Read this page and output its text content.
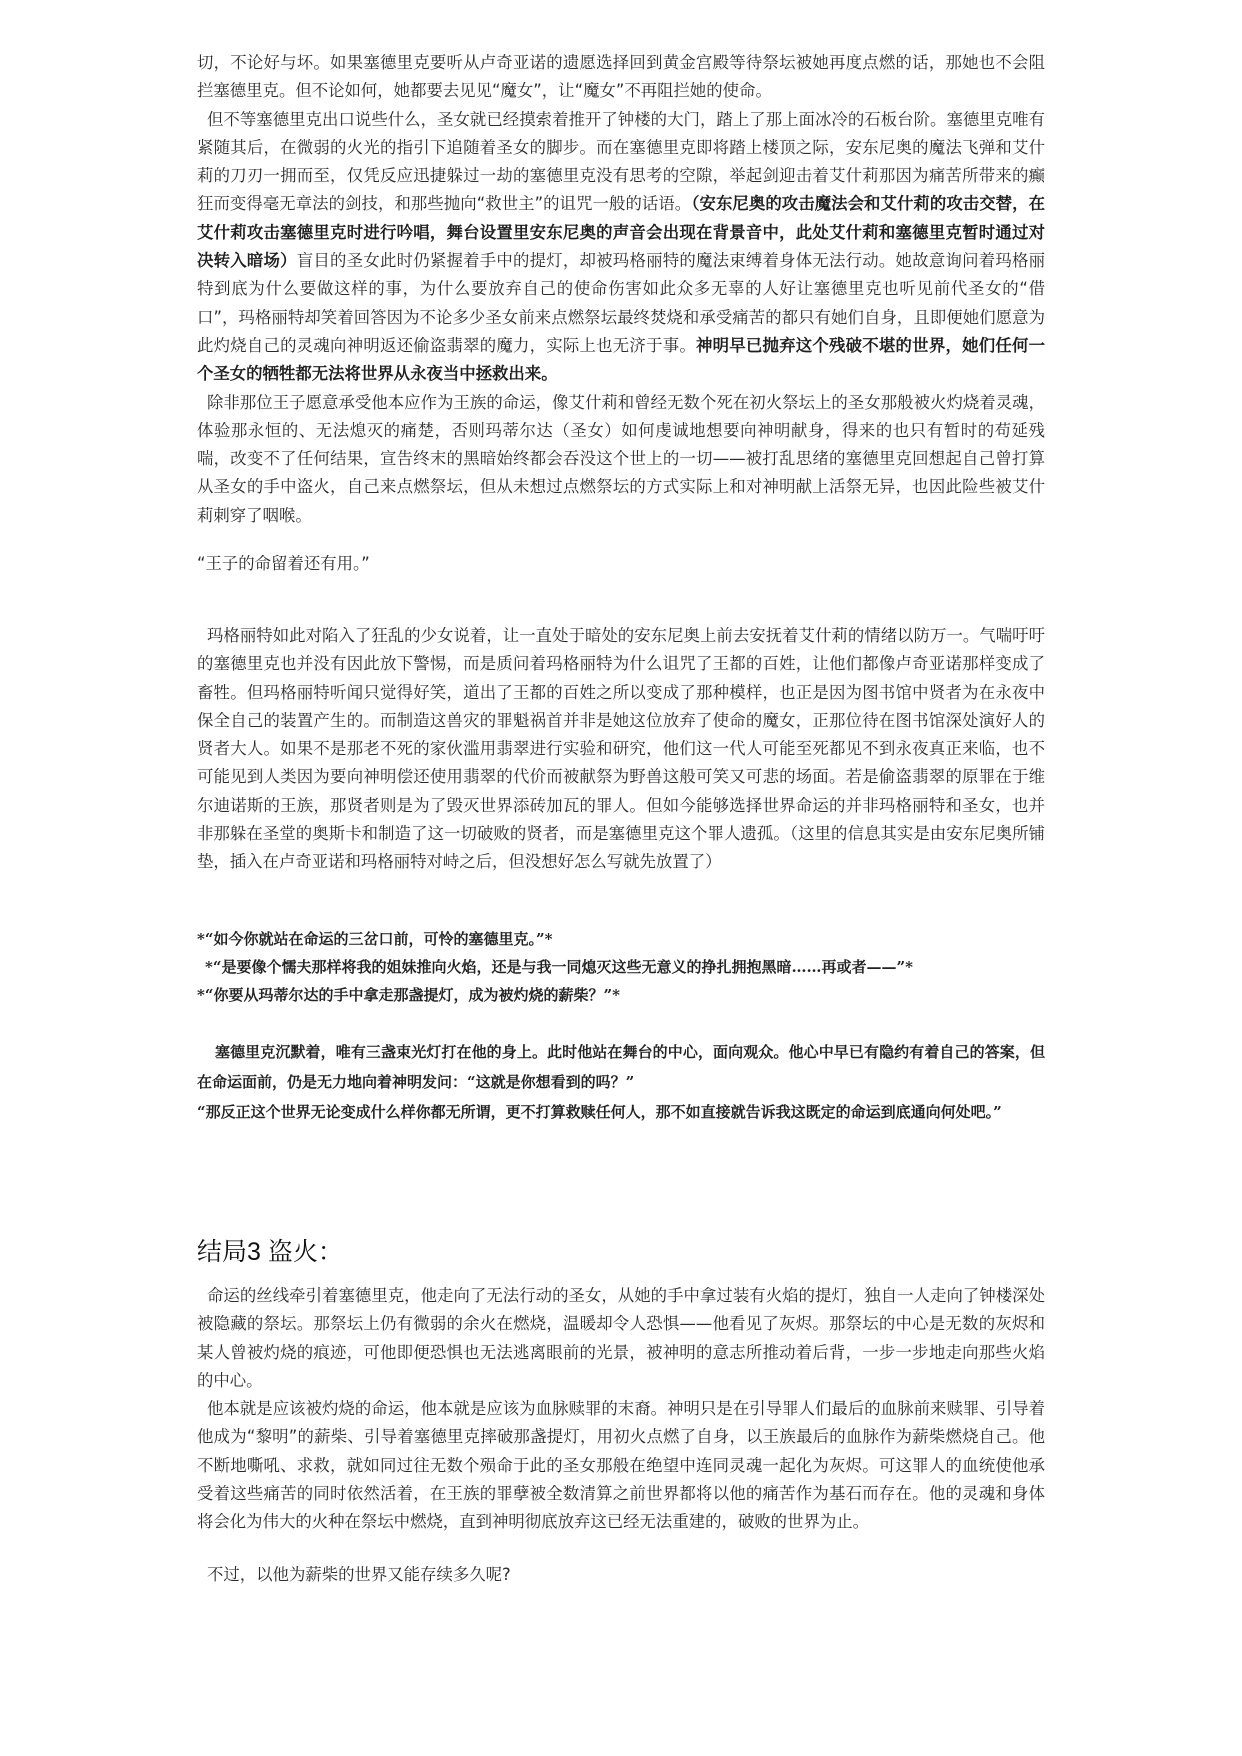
切，不论好与坏。如果塞德里克要听从卢奇亚诺的遗愿选择回到黄金宫殿等待祭坛被她再度点燃的话，那她也不会阻拦塞德里克。但不论如何，她都要去见见“魔女”，让“魔女”不再阻拦她的使命。

但不等塞德里克出口说些什么，圣女就已经摸索着推开了钟楼的大门，踏上了那上面冰冷的石板台阶。塞德里克唯有紧随其后，在微弱的火光的指引下追随着圣女的脚步。而在塞德里克即将踏上楼顶之际，安东尼奥的魔法飞弹和艾什莉的刀刃一拥而至，仅凭反应迅捷躲过一劫的塞德里克没有思考的空隙，举起剑迎击着艾什莉那因为痛苦所带来的癫狂而变得毫无章法的剑技，和那些抛向“救世主”的诅咒一般的话语。（安东尼奥的攻击魔法会和艾什莉的攻击交替，在艾什莉攻击塞德里克时进行吟唱，舞台设置里安东尼奥的声音会出现在背景音中，此处艾什莉和塞德里克暂时通过对决转入暗场）盲目的圣女此时仍紧握着手中的提灯，却被玛格丽特的魔法束缚着身体无法行动。她故意询问着玛格丽特到底为什么要做这样的事，为什么要放弃自己的使命伤害如此众多无辜的人好让塞德里克也听见前代圣女的“借口”，玛格丽特却笑着回答因为不论多少圣女前来点燃祭坛最终焚烧和承受痛苦的都只有她们自身，且即便她们愿意为此灼烧自己的灵魂向神明返还偷盗翡翠的魔力，实际上也无济于事。神明早已抛弃这个残破不堪的世界，她们任何一个圣女的牺牲都无法将世界从永夜当中拯救出来。

除非那位王子愿意承受他本应作为王族的命运，像艾什莉和曾经无数个死在初火祭坛上的圣女那般被火灼烧着灵魂，体验那永恒的、无法熄灭的痛楚，否则玛蒂尔达（圣女）如何虔诚地想要向神明献身，得来的也只有暂时的苟延残喘，改变不了任何结果，宣告终末的黑暗始终都会吞没这个世上的一切——被打乱思绪的塞德里克回想起自己曾打算从圣女的手中盗火，自己来点燃祭坛，但从未想过点燃祭坛的方式实际上和对神明献上活祭无异，也因此险些被艾什莉刺穿了咽喉。

“王子的命留着还有用。”

玛格丽特如此对陷入了狂乱的少女说着，让一直处于暗处的安东尼奥上前去安抚着艾什莉的情绪以防万一。气喘吁吁的塞德里克也并没有因此放下警惕，而是质问着玛格丽特为什么诅咒了王都的百姓，让他们都像卢奇亚诺那样变成了畜牲。但玛格丽特听闻只觉得好笑，道出了王都的百姓之所以变成了那种模样，也正是因为图书馆中贤者为在永夜中保全自己的装置产生的。而制造这兽灾的罪魁祸首并非是她这位放弃了使命的魔女，正那位待在图书馆深处演好人的贤者大人。如果不是那老不死的家伙滥用翡翠进行实验和研究，他们这一代人可能至死都见不到永夜真正来临，也不可能见到人类因为要向神明偿还使用翡翠的代价而被献祭为野兽这般可笑又可悲的场面。若是偷盗翡翠的原罪在于维尔迪诺斯的王族，那贤者则是为了毁灭世界添砖加瓦的罪人。但如今能够选择世界命运的并非玛格丽特和圣女，也并非那躲在圣堂的奥斯卡和制造了这一切破败的贤者，而是塞德里克这个罪人遗孤。（这里的信息其实是由安东尼奥所铺垫，插入在卢奇亚诺和玛格丽特对峙之后，但没想好怎么写就先放置了）

*“如今你就站在命运的三岔口前，可怜的塞德里克。”*

*“是要像个懦夫那样将我的姐妹推向火焰，还是与我一同熄灭这些无意义的挣扎拥抱黑暗……再或者——”*

*“你要从玛蒂尔达的手中拿走那盏提灯，成为被灼烧的薪柴？”*

塞德里克沉默着，唯有三盏束光灯打在他的身上。此时他站在舞台的中心，面向观众。他心中早已有隐约有着自己的答案，但在命运面前，仍是无力地向着神明发问：“这就是你想看到的吗？”

“那反正这个世界无论变成什么样你都无所谓，更不打算救赎任何人，那不如直接就告诉我这既定的命运到底通向何处吧。”

结局3 盗火：

命运的丝线牵引着塞德里克，他走向了无法行动的圣女，从她的手中拿过装有火焰的提灯，独自一人走向了钟楼深处被隐藏的祭坛。那祭坛上仍有微弱的余火在燃烧，温暖却令人恐惧——他看见了灰烬。那祭坛的中心是无数的灰烬和某人曾被灼烧的痕迹，可他即便恐惧也无法逃离眼前的光景，被神明的意志所推动着后背，一步一步地走向那些火焰的中心。

他本就是应该被灼烧的命运，他本就是应该为血脉赎罪的末裔。神明只是在引导罪人们最后的血脉前来赎罪、引导着他成为“黎明”的薪柴、引导着塞德里克摔破那盏提灯，用初火点燃了自身，以王族最后的血脉作为薪柴燃烧自己。他不断地嘶吼、求救，就如同过往无数个殒命于此的圣女那般在绝望中连同灵魂一起化为灰烬。可这罪人的血统使他承受着这些痛苦的同时依然活着，在王族的罪孽被全数清算之前世界都将以他的痛苦作为基石而存在。他的灵魂和身体将会化为伟大的火种在祭坛中燃烧，直到神明彻底放弃这已经无法重建的，破败的世界为止。

不过，以他为薪柴的世界又能存续多久呢?
